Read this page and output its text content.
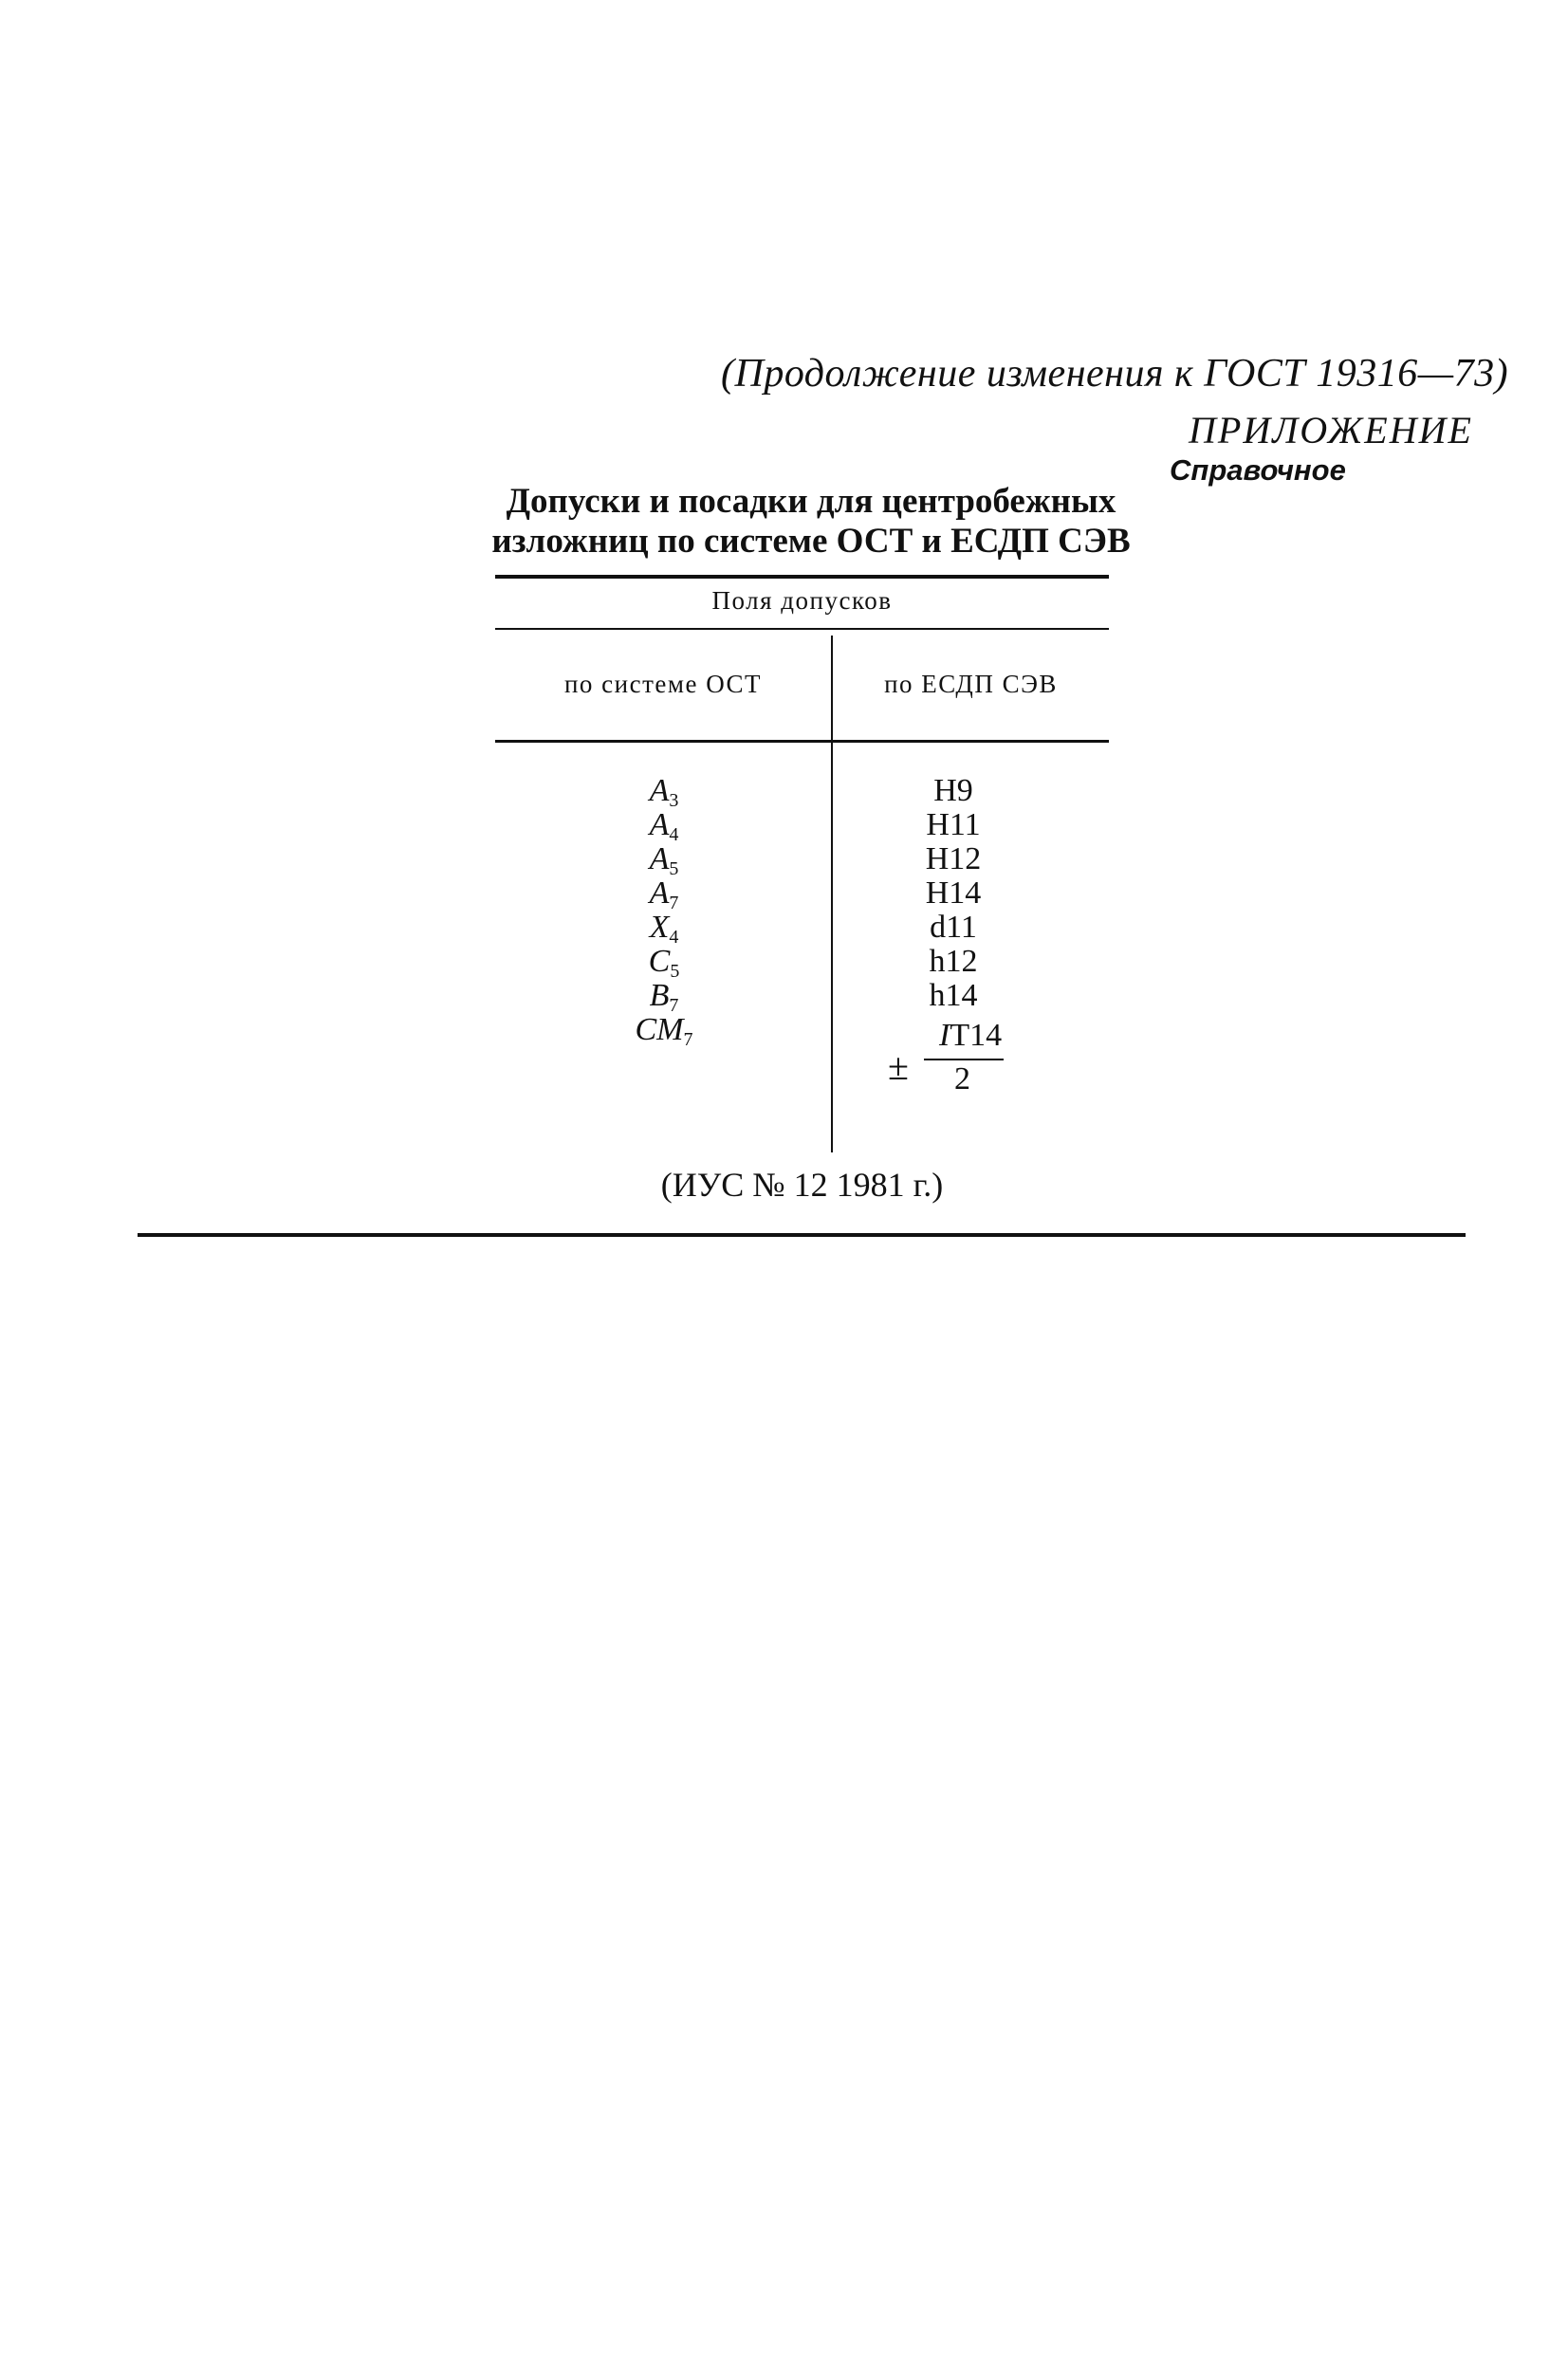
(Продолжение изменения к ГОСТ 19316—73)
ПРИЛОЖЕНИЕ
Справочное
Допуски и посадки для центробежных
изложниц по системе ОСТ и ЕСДП СЭВ
Поля допусков
по системе ОСТ	по ЕСДП СЭВ
$A_3$
$A_4$
$A_5$
$A_7$
$X_4$
$C_5$
$B_7$
$CM_7$
H9
H11
H12
H14
d11
h12
h14
±
IT14
2
(ИУС № 12 1981 г.)
